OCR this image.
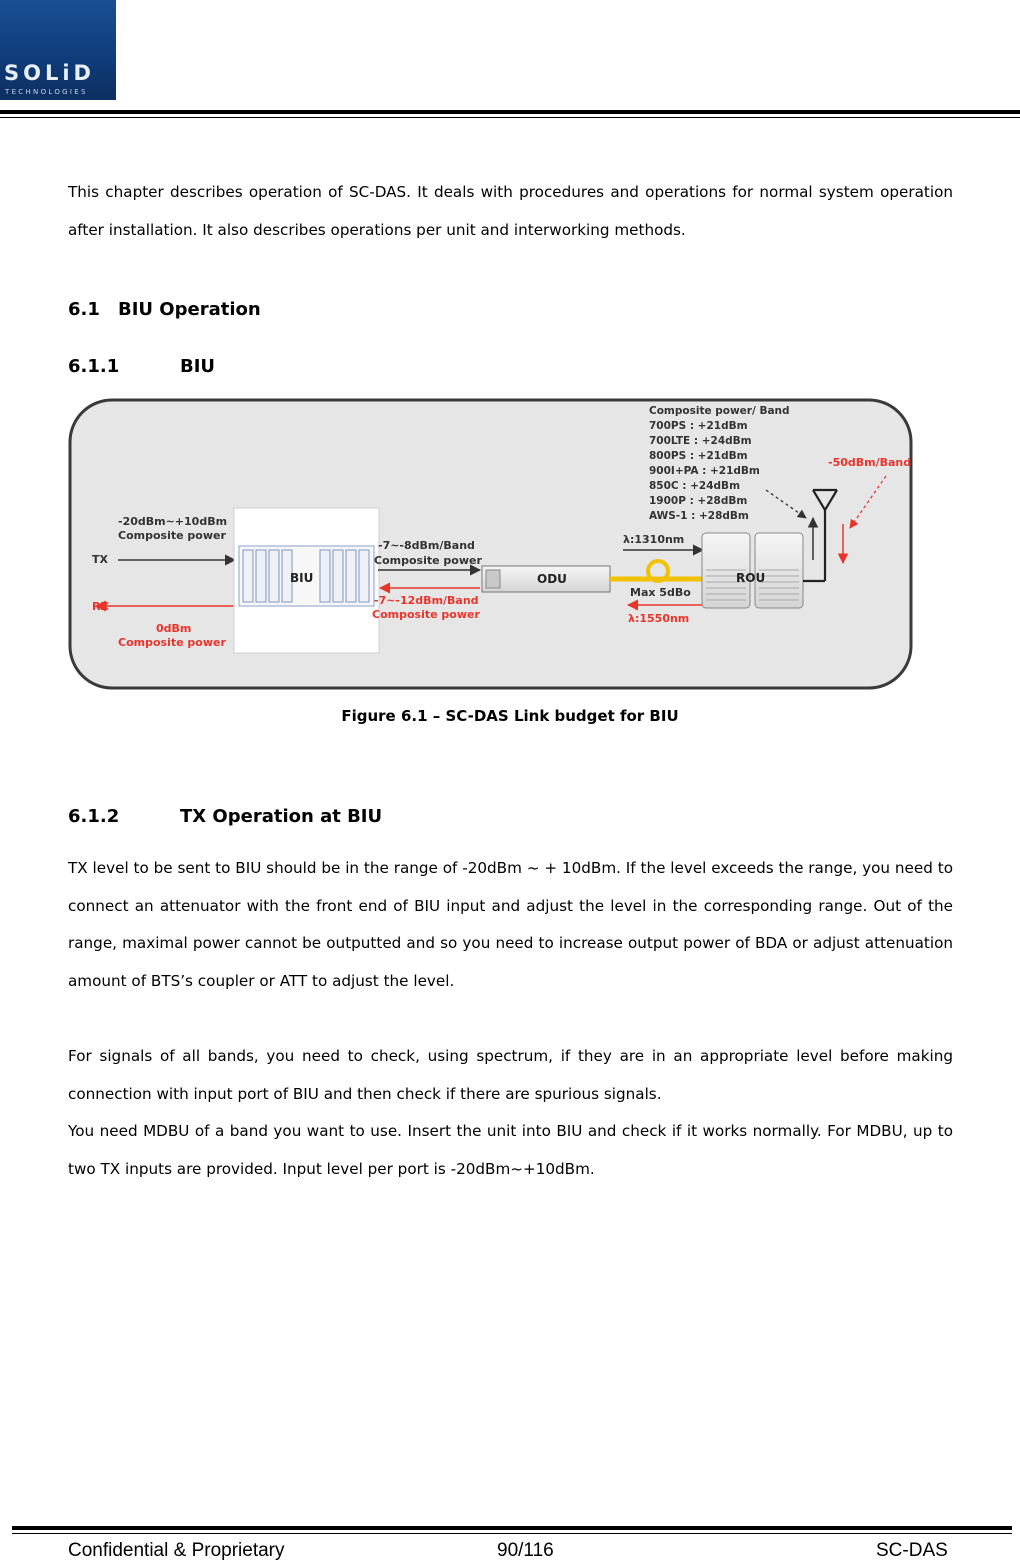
SOLiD
TECHNOLOGIES
This chapter describes operation of SC-DAS. It deals with procedures and operations for normal system operation after installation. It also describes operations per unit and interworking methods.
6.1 BIU Operation
6.1.1	BIU
-20dBm~+10dBm
Composite power
TX
RX
0dBm
Composite power
BIU
-7~-8dBm/Band
Composite power
-7~-12dBm/Band
Composite power
ODU
λ:1310nm
Max 5dBo
λ:1550nm
ROU
-50dBm/Band
Composite power/ Band
700PS : +21dBm
700LTE : +24dBm
800PS : +21dBm
900I+PA : +21dBm
850C : +24dBm
1900P : +28dBm
AWS-1 : +28dBm
Figure 6.1 – SC-DAS Link budget for BIU
6.1.2	TX Operation at BIU
TX level to be sent to BIU should be in the range of -20dBm ~ + 10dBm. If the level exceeds the range, you need to connect an attenuator with the front end of BIU input and adjust the level in the corresponding range. Out of the range, maximal power cannot be outputted and so you need to increase output power of BDA or adjust attenuation amount of BTS’s coupler or ATT to adjust the level.
For signals of all bands, you need to check, using spectrum, if they are in an appropriate level before making connection with input port of BIU and then check if there are spurious signals.
You need MDBU of a band you want to use. Insert the unit into BIU and check if it works normally. For MDBU, up to two TX inputs are provided. Input level per port is -20dBm~+10dBm.
Confidential & Proprietary	90/116	SC-DAS
